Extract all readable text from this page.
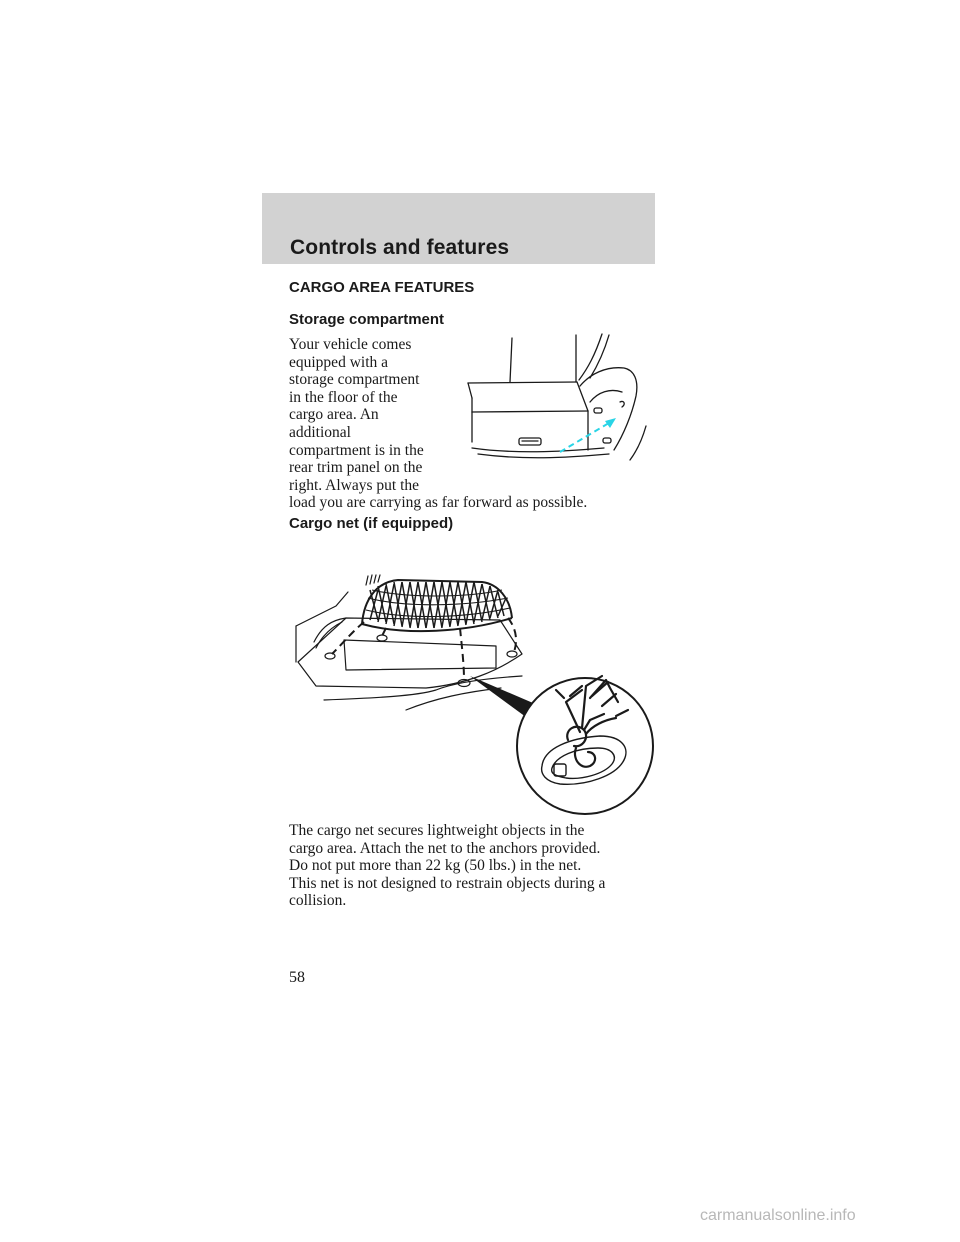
Controls and features
CARGO AREA FEATURES
Storage compartment
Your vehicle comes
equipped with a
storage compartment
in the floor of the
cargo area. An
additional
compartment is in the
rear trim panel on the
right. Always put the
load you are carrying as far forward as possible.
Cargo net (if equipped)
The cargo net secures lightweight objects in the
cargo area. Attach the net to the anchors provided.
Do not put more than 22 kg (50 lbs.) in the net.
This net is not designed to restrain objects during a
collision.
58
carmanualsonline.info
